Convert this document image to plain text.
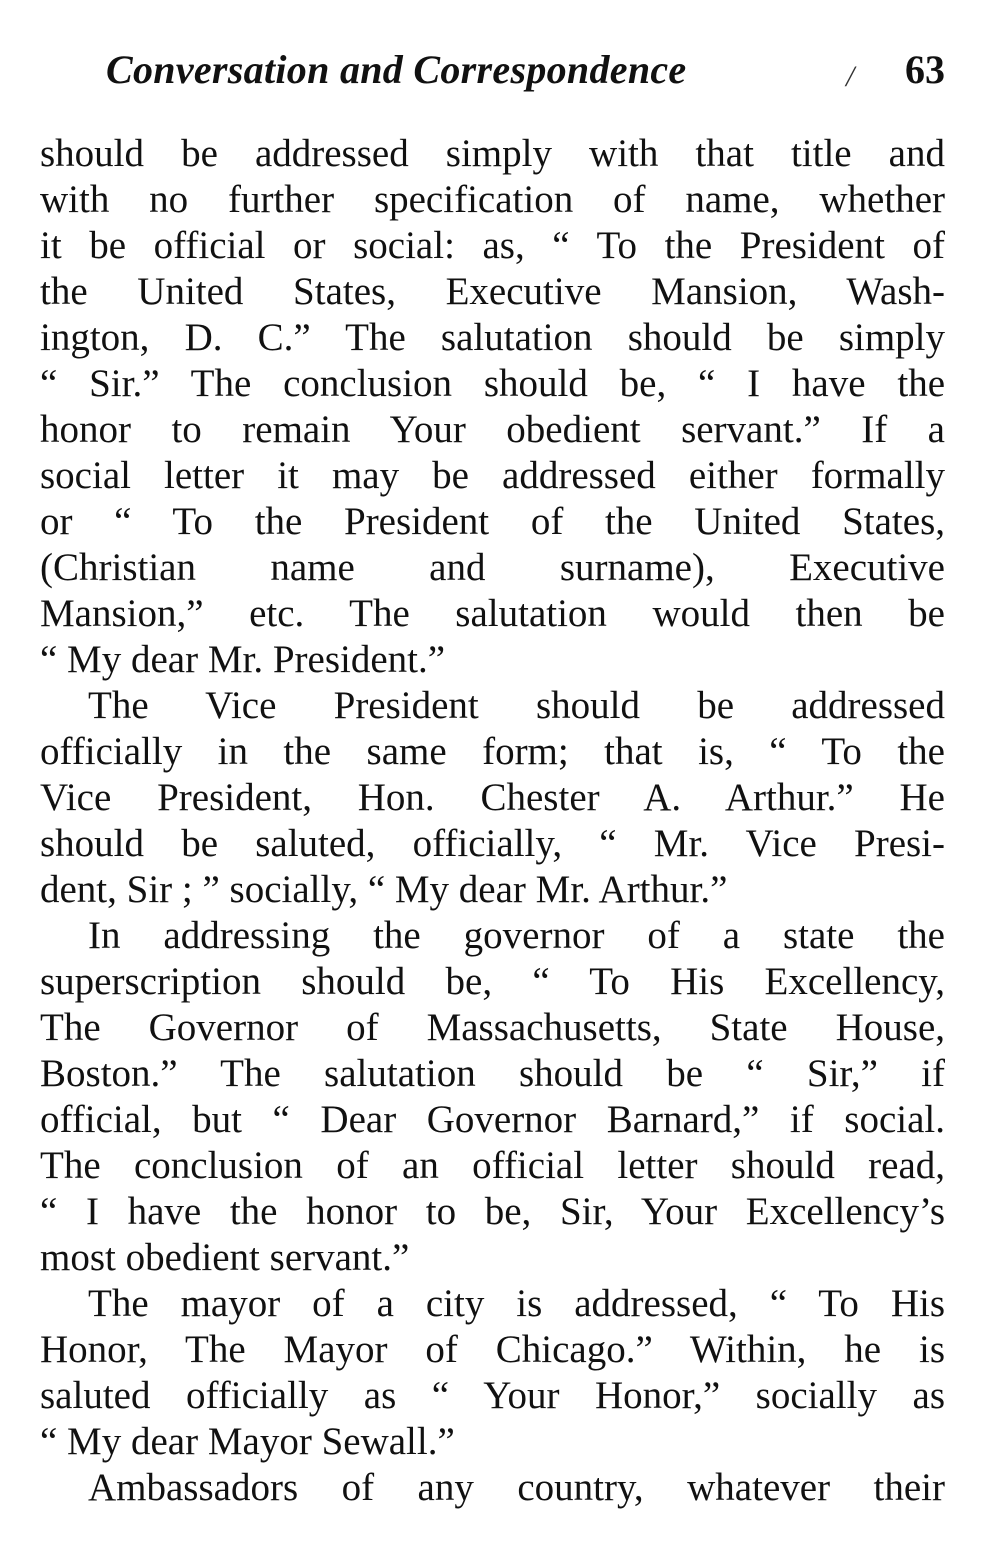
Conversation and Correspondence	/ 63
should be addressed simply with that title and
with no further specification of name, whether
it be official or social: as, “ To the President of
the United States, Executive Mansion, Wash-
ington, D. C.” The salutation should be simply
“ Sir.” The conclusion should be, “ I have the
honor to remain Your obedient servant.” If a
social letter it may be addressed either formally
or “ To the President of the United States,
(Christian name and surname), Executive
Mansion,” etc. The salutation would then be
“ My dear Mr. President.”
The Vice President should be addressed
officially in the same form; that is, “ To the
Vice President, Hon. Chester A. Arthur.” He
should be saluted, officially, “ Mr. Vice Presi-
dent, Sir ; ” socially, “ My dear Mr. Arthur.”
In addressing the governor of a state the
superscription should be, “ To His Excellency,
The Governor of Massachusetts, State House,
Boston.” The salutation should be “ Sir,” if
official, but “ Dear Governor Barnard,” if social.
The conclusion of an official letter should read,
“ I have the honor to be, Sir, Your Excellency’s
most obedient servant.”
The mayor of a city is addressed, “ To His
Honor, The Mayor of Chicago.” Within, he is
saluted officially as “ Your Honor,” socially as
“ My dear Mayor Sewall.”
Ambassadors of any country, whatever their
